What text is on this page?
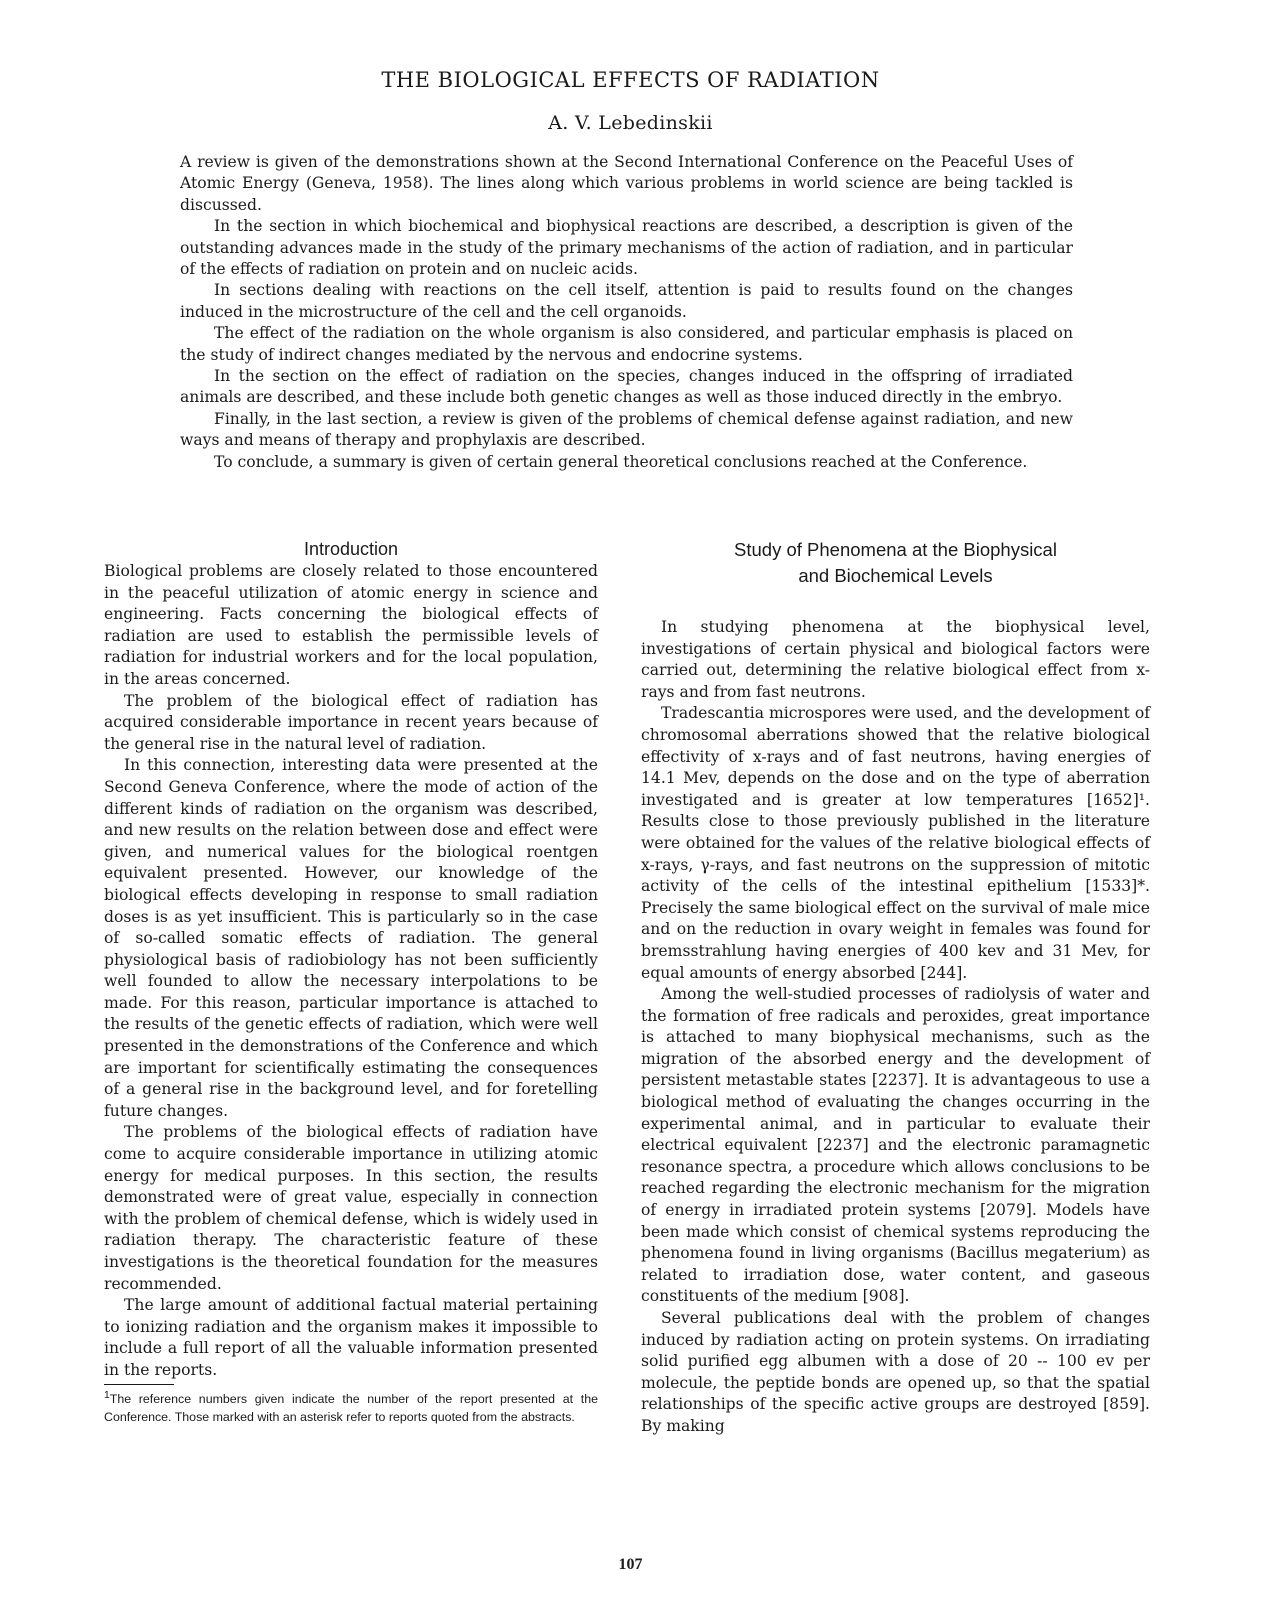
THE BIOLOGICAL EFFECTS OF RADIATION
A. V. Lebedinskii

A review is given of the demonstrations shown at the Second International Conference on the Peaceful Uses of Atomic Energy (Geneva, 1958). The lines along which various problems in world science are being tackled is discussed.

In the section in which biochemical and biophysical reactions are described, a description is given of the outstanding advances made in the study of the primary mechanisms of the action of radiation, and in particular of the effects of radiation on protein and on nucleic acids.

In sections dealing with reactions on the cell itself, attention is paid to results found on the changes induced in the microstructure of the cell and the cell organoids.

The effect of the radiation on the whole organism is also considered, and particular emphasis is placed on the study of indirect changes mediated by the nervous and endocrine systems.

In the section on the effect of radiation on the species, changes induced in the offspring of irradiated animals are described, and these include both genetic changes as well as those induced directly in the embryo.

Finally, in the last section, a review is given of the problems of chemical defense against radiation, and new ways and means of therapy and prophylaxis are described.

To conclude, a summary is given of certain general theoretical conclusions reached at the Conference.

Introduction

Biological problems are closely related to those encountered in the peaceful utilization of atomic energy in science and engineering. Facts concerning the biological effects of radiation are used to establish the permissible levels of radiation for industrial workers and for the local population, in the areas concerned.

The problem of the biological effect of radiation has acquired considerable importance in recent years because of the general rise in the natural level of radiation.

In this connection, interesting data were presented at the Second Geneva Conference, where the mode of action of the different kinds of radiation on the organism was described, and new results on the relation between dose and effect were given, and numerical values for the biological roentgen equivalent presented. However, our knowledge of the biological effects developing in response to small radiation doses is as yet insufficient. This is particularly so in the case of so-called somatic effects of radiation. The general physiological basis of radiobiology has not been sufficiently well founded to allow the necessary interpolations to be made. For this reason, particular importance is attached to the results of the genetic effects of radiation, which were well presented in the demonstrations of the Conference and which are important for scientifically estimating the consequences of a general rise in the background level, and for foretelling future changes.

The problems of the biological effects of radiation have come to acquire considerable importance in utilizing atomic energy for medical purposes. In this section, the results demonstrated were of great value, especially in connection with the problem of chemical defense, which is widely used in radiation therapy. The characteristic feature of these investigations is the theoretical foundation for the measures recommended.

The large amount of additional factual material pertaining to ionizing radiation and the organism makes it impossible to include a full report of all the valuable information presented in the reports.

$^1$The reference numbers given indicate the number of the report presented at the Conference. Those marked with an asterisk refer to reports quoted from the abstracts.
Study of Phenomena at the Biophysical
and Biochemical Levels

In studying phenomena at the biophysical level, investigations of certain physical and biological factors were carried out, determining the relative biological effect from x-rays and from fast neutrons.

Tradescantia microspores were used, and the development of chromosomal aberrations showed that the relative biological effectivity of x-rays and of fast neutrons, having energies of 14.1 Mev, depends on the dose and on the type of aberration investigated and is greater at low temperatures [1652]¹. Results close to those previously published in the literature were obtained for the values of the relative biological effects of x-rays, γ-rays, and fast neutrons on the suppression of mitotic activity of the cells of the intestinal epithelium [1533]*. Precisely the same biological effect on the survival of male mice and on the reduction in ovary weight in females was found for bremsstrahlung having energies of 400 kev and 31 Mev, for equal amounts of energy absorbed [244].

Among the well-studied processes of radiolysis of water and the formation of free radicals and peroxides, great importance is attached to many biophysical mechanisms, such as the migration of the absorbed energy and the development of persistent metastable states [2237]. It is advantageous to use a biological method of evaluating the changes occurring in the experimental animal, and in particular to evaluate their electrical equivalent [2237] and the electronic paramagnetic resonance spectra, a procedure which allows conclusions to be reached regarding the electronic mechanism for the migration of energy in irradiated protein systems [2079]. Models have been made which consist of chemical systems reproducing the phenomena found in living organisms (Bacillus megaterium) as related to irradiation dose, water content, and gaseous constituents of the medium [908].

Several publications deal with the problem of changes induced by radiation acting on protein systems. On irradiating solid purified egg albumen with a dose of 20 -- 100 ev per molecule, the peptide bonds are opened up, so that the spatial relationships of the specific active groups are destroyed [859]. By making

107
